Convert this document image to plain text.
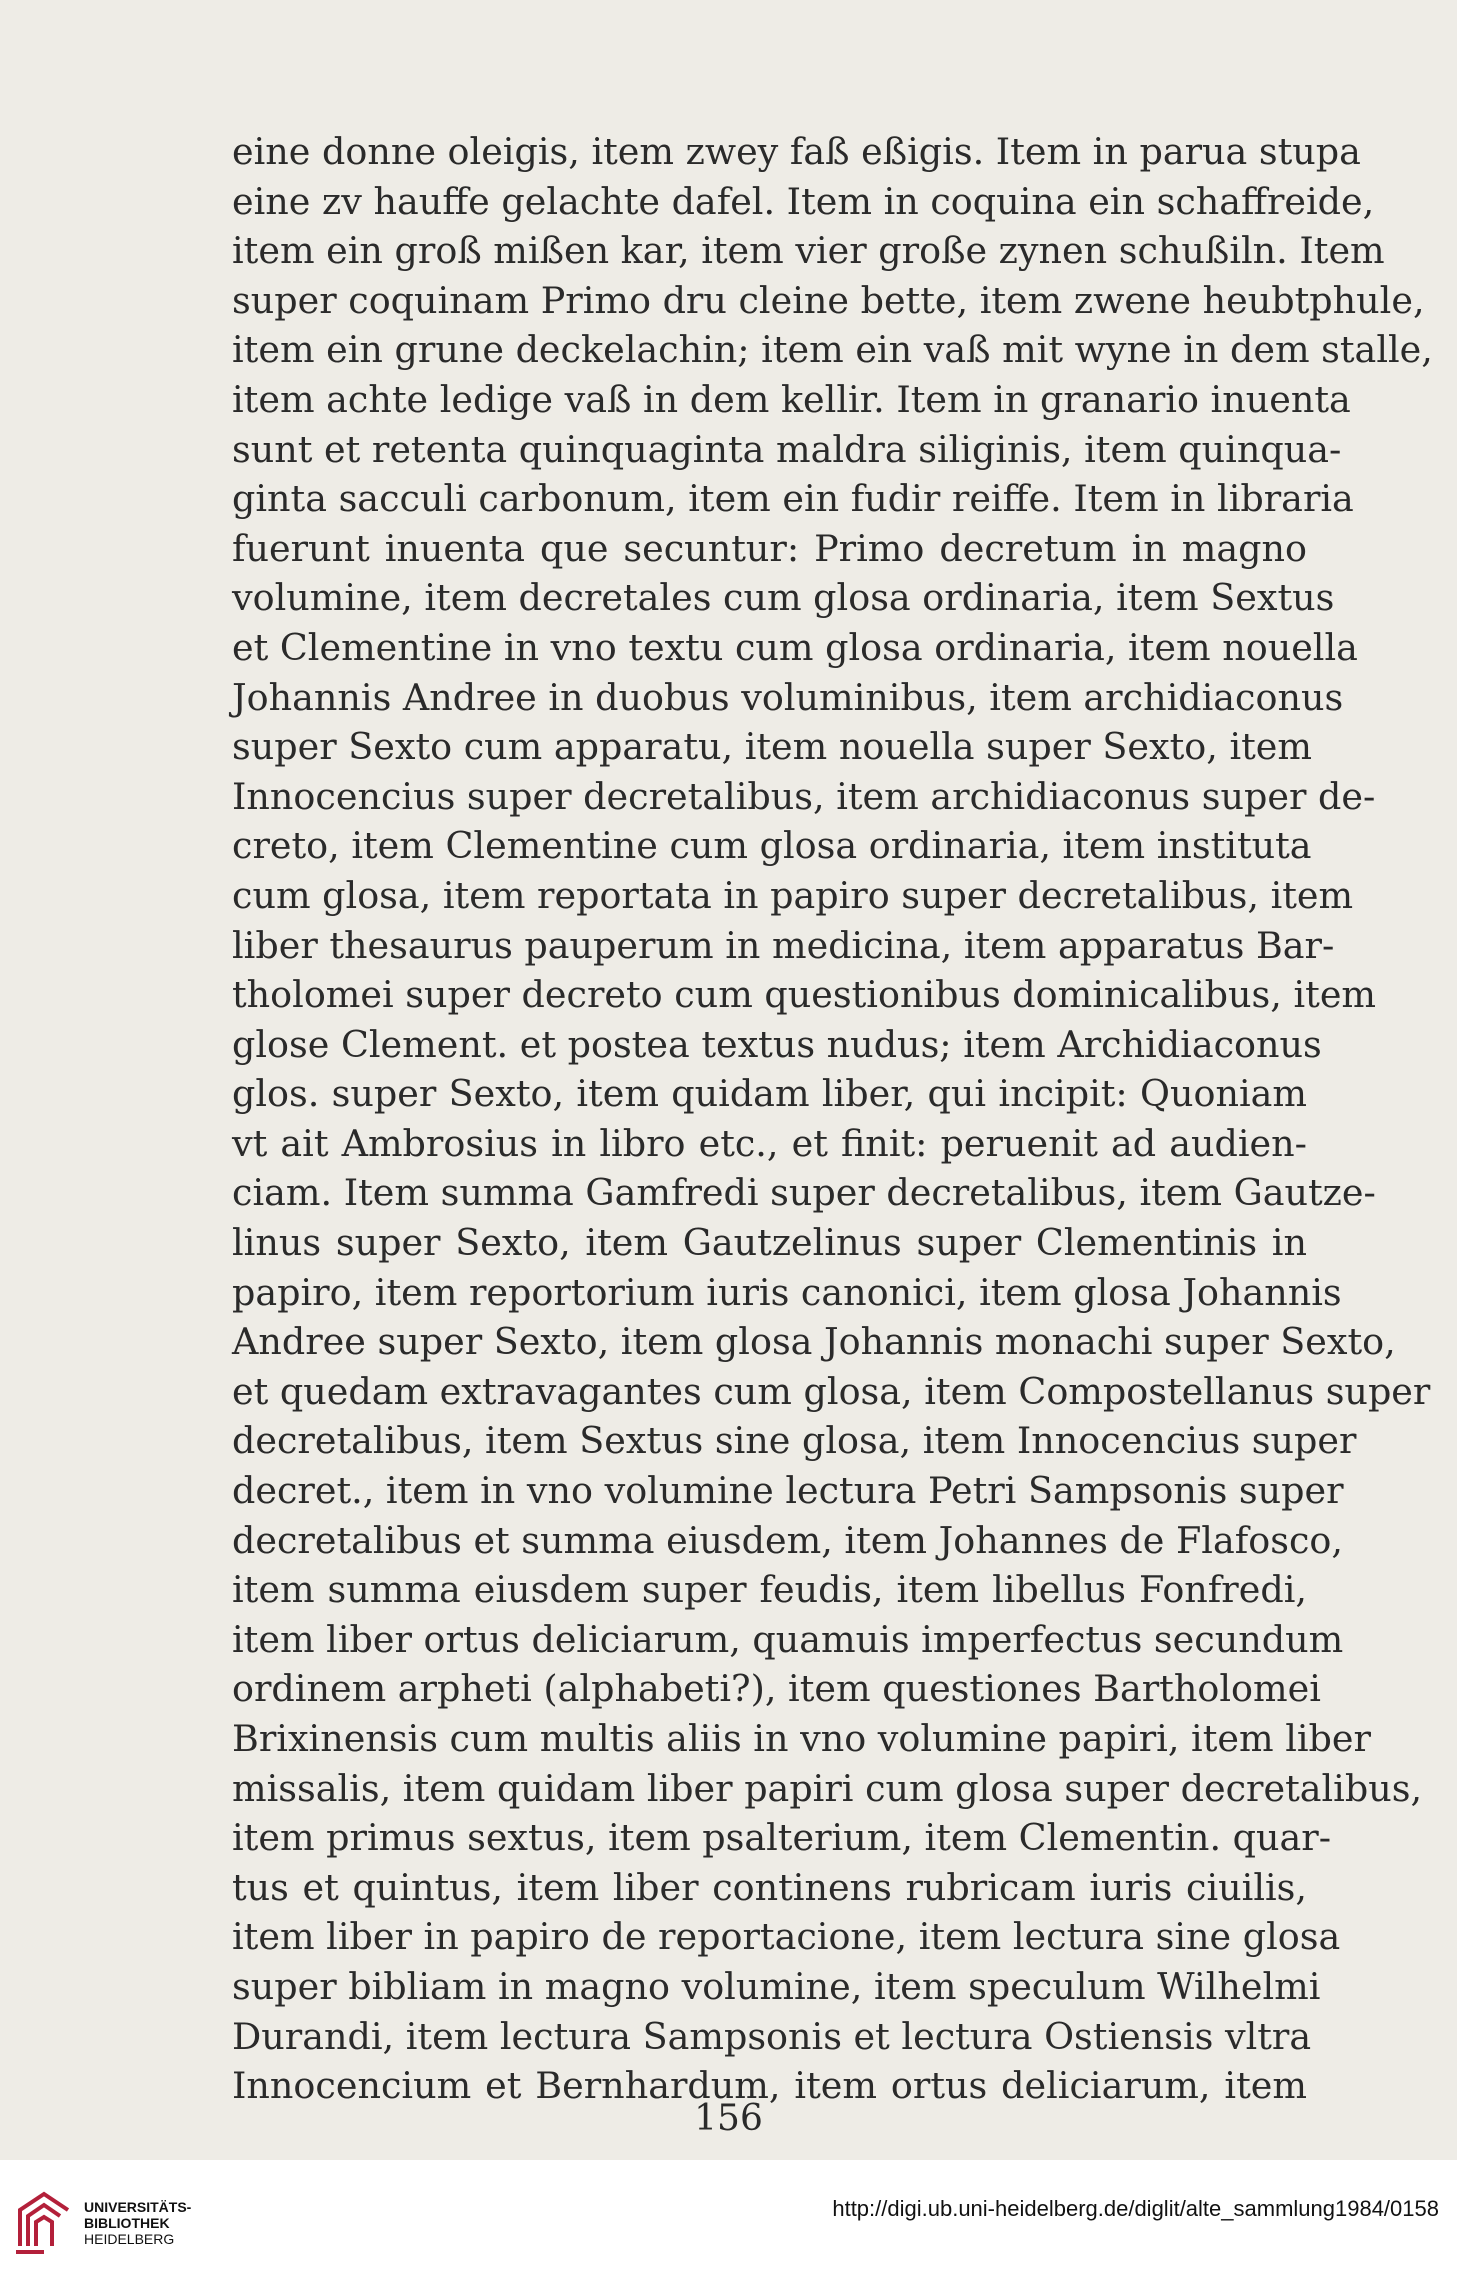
eine donne oleigis, item zwey faß eßigis. Item in parua stupa
eine zv hauffe gelachte dafel. Item in coquina ein schaffreide,
item ein groß mißen kar, item vier große zynen schußiln. Item
super coquinam Primo dru cleine bette, item zwene heubtphule,
item ein grune deckelachin; item ein vaß mit wyne in dem stalle,
item achte ledige vaß in dem kellir. Item in granario inuenta
sunt et retenta quinquaginta maldra siliginis, item quinqua-
ginta sacculi carbonum, item ein fudir reiffe. Item in libraria
fuerunt inuenta que secuntur: Primo decretum in magno
volumine, item decretales cum glosa ordinaria, item Sextus
et Clementine in vno textu cum glosa ordinaria, item nouella
Johannis Andree in duobus voluminibus, item archidiaconus
super Sexto cum apparatu, item nouella super Sexto, item
Innocencius super decretalibus, item archidiaconus super de-
creto, item Clementine cum glosa ordinaria, item instituta
cum glosa, item reportata in papiro super decretalibus, item
liber thesaurus pauperum in medicina, item apparatus Bar-
tholomei super decreto cum questionibus dominicalibus, item
glose Clement. et postea textus nudus; item Archidiaconus
glos. super Sexto, item quidam liber, qui incipit: Quoniam
vt ait Ambrosius in libro etc., et finit: peruenit ad audien-
ciam. Item summa Gamfredi super decretalibus, item Gautze-
linus super Sexto, item Gautzelinus super Clementinis in
papiro, item reportorium iuris canonici, item glosa Johannis
Andree super Sexto, item glosa Johannis monachi super Sexto,
et quedam extravagantes cum glosa, item Compostellanus super
decretalibus, item Sextus sine glosa, item Innocencius super
decret., item in vno volumine lectura Petri Sampsonis super
decretalibus et summa eiusdem, item Johannes de Flafosco,
item summa eiusdem super feudis, item libellus Fonfredi,
item liber ortus deliciarum, quamuis imperfectus secundum
ordinem arpheti (alphabeti?), item questiones Bartholomei
Brixinensis cum multis aliis in vno volumine papiri, item liber
missalis, item quidam liber papiri cum glosa super decretalibus,
item primus sextus, item psalterium, item Clementin. quar-
tus et quintus, item liber continens rubricam iuris ciuilis,
item liber in papiro de reportacione, item lectura sine glosa
super bibliam in magno volumine, item speculum Wilhelmi
Durandi, item lectura Sampsonis et lectura Ostiensis vltra
Innocencium et Bernhardum, item ortus deliciarum, item
156
UNIVERSITÄTS-
BIBLIOTHEK
HEIDELBERG
http://digi.ub.uni-heidelberg.de/diglit/alte_sammlung1984/0158
